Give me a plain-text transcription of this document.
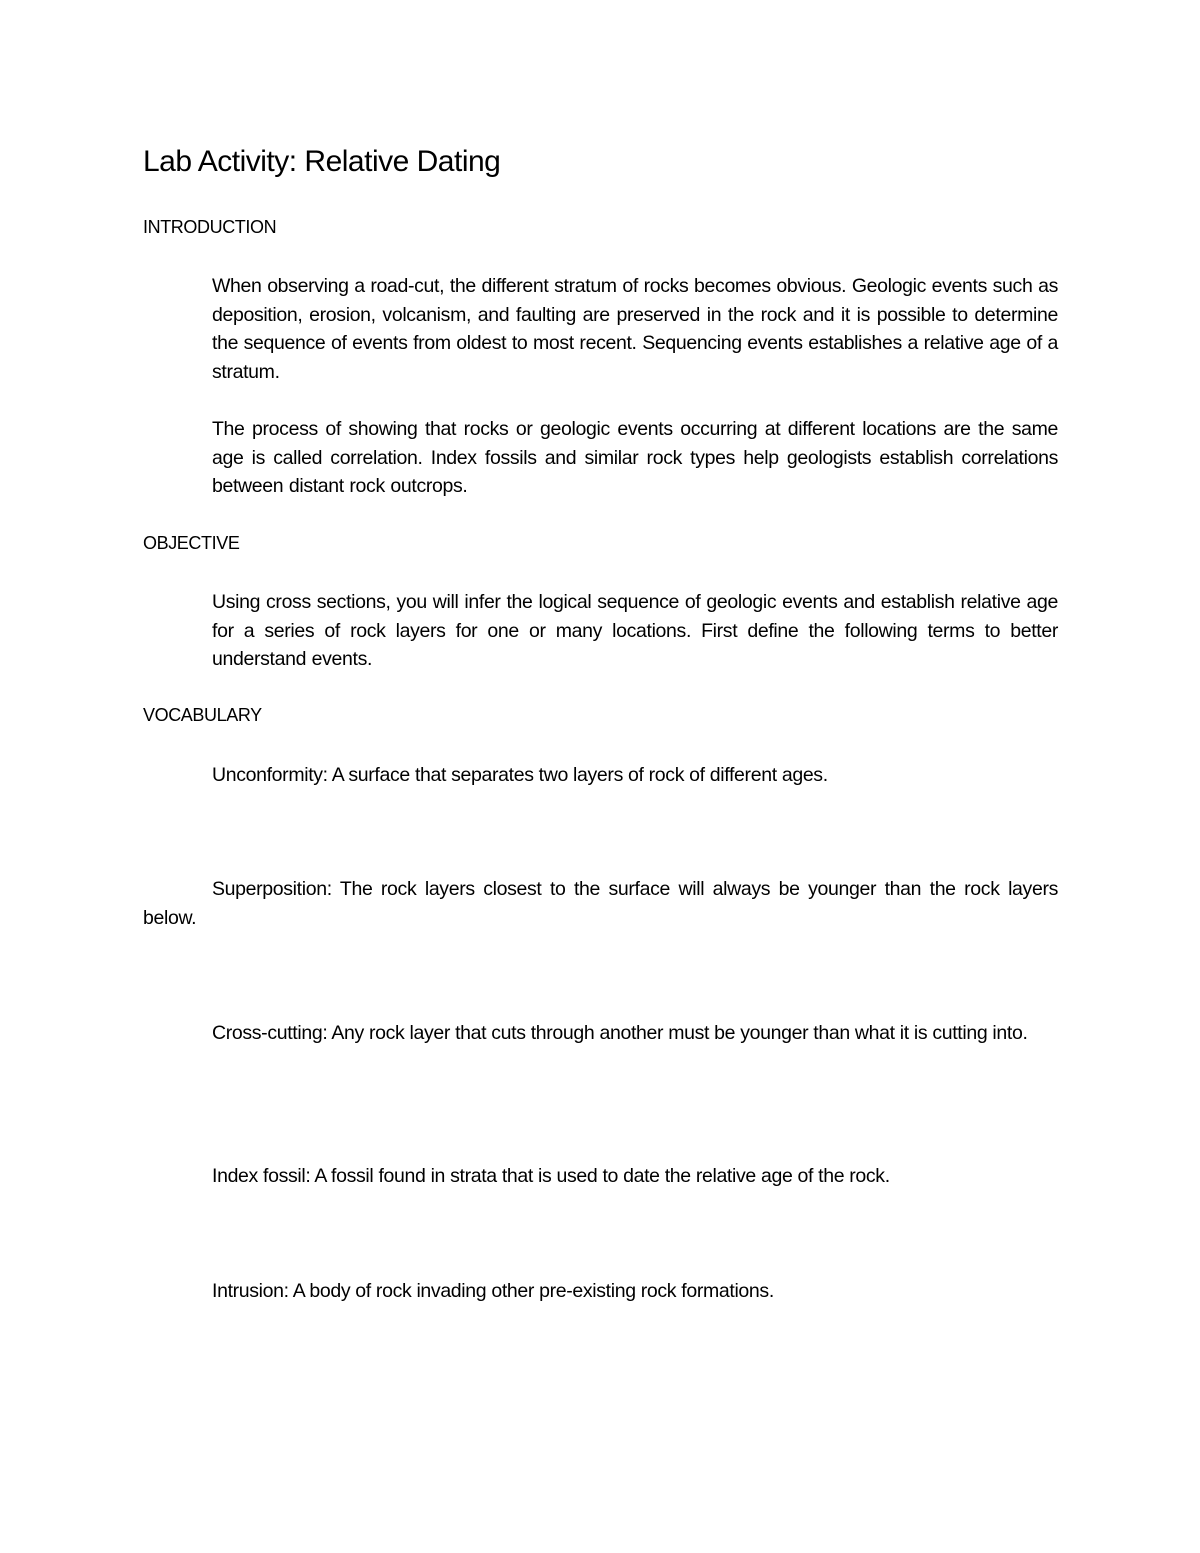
Lab Activity: Relative Dating
INTRODUCTION

When observing a road-cut, the different stratum of rocks becomes obvious. Geologic events such as deposition, erosion, volcanism, and faulting are preserved in the rock and it is possible to determine the sequence of events from oldest to most recent. Sequencing events establishes a relative age of a stratum.

The process of showing that rocks or geologic events occurring at different locations are the same age is called correlation. Index fossils and similar rock types help geologists establish correlations between distant rock outcrops.

OBJECTIVE

Using cross sections, you will infer the logical sequence of geologic events and establish relative age for a series of rock layers for one or many locations. First define the following terms to better understand events.

VOCABULARY

Unconformity: A surface that separates two layers of rock of different ages.

Superposition: The rock layers closest to the surface will always be younger than the rock layers below.

Cross-cutting: Any rock layer that cuts through another must be younger than what it is cutting into.

Index fossil: A fossil found in strata that is used to date the relative age of the rock.

Intrusion: A body of rock invading other pre-existing rock formations.
